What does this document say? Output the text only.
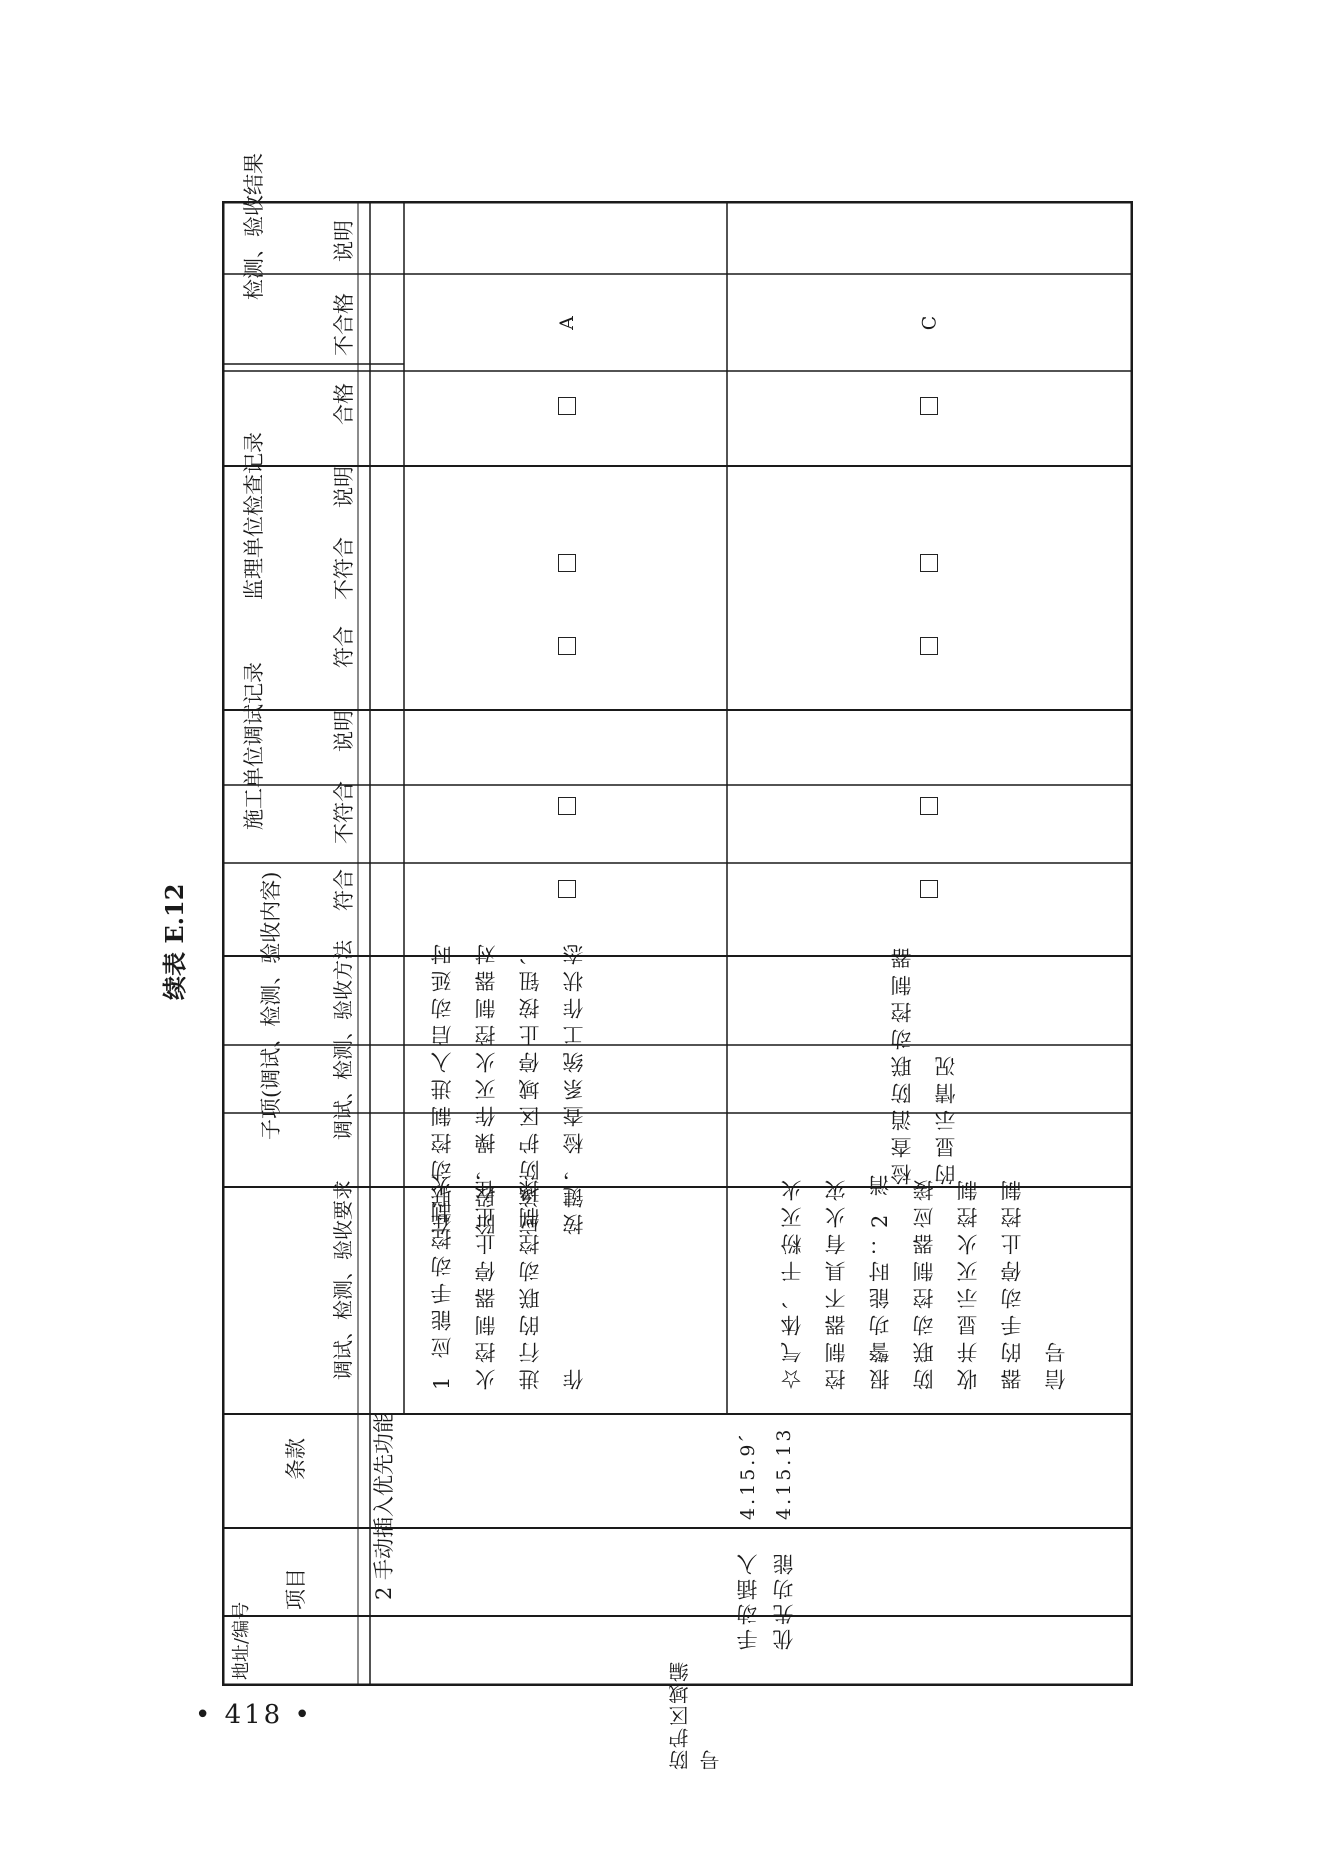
续表 E.12
• 418 •
检测、验收结果
监理单位检查记录
施工单位调试记录
子项(调试、检测、验收内容)
条款
项目
地址/编号
说明
不合格
合格
说明
不符合
符合
说明
不符合
符合
调试、检测、验收方法
调试、检测、验收要求
2 手动插入优先功能
在联动控制进入启动延时阶段，操作灭火控制器对应该防护区域停止按钮、按键，检查系统工作状态
1 应能手动控制火火控制器停止正在进行的联动控制操作
检查消防联动控制器的显示情况
☆气体、干粉灭火控制器不具有火灾报警功能时：2 消防联动控制器应接收并显示灭火控制器的手动停止控制信号
4.15.9、4.15.13
手动插入优先功能
防护区域编号
A	C
